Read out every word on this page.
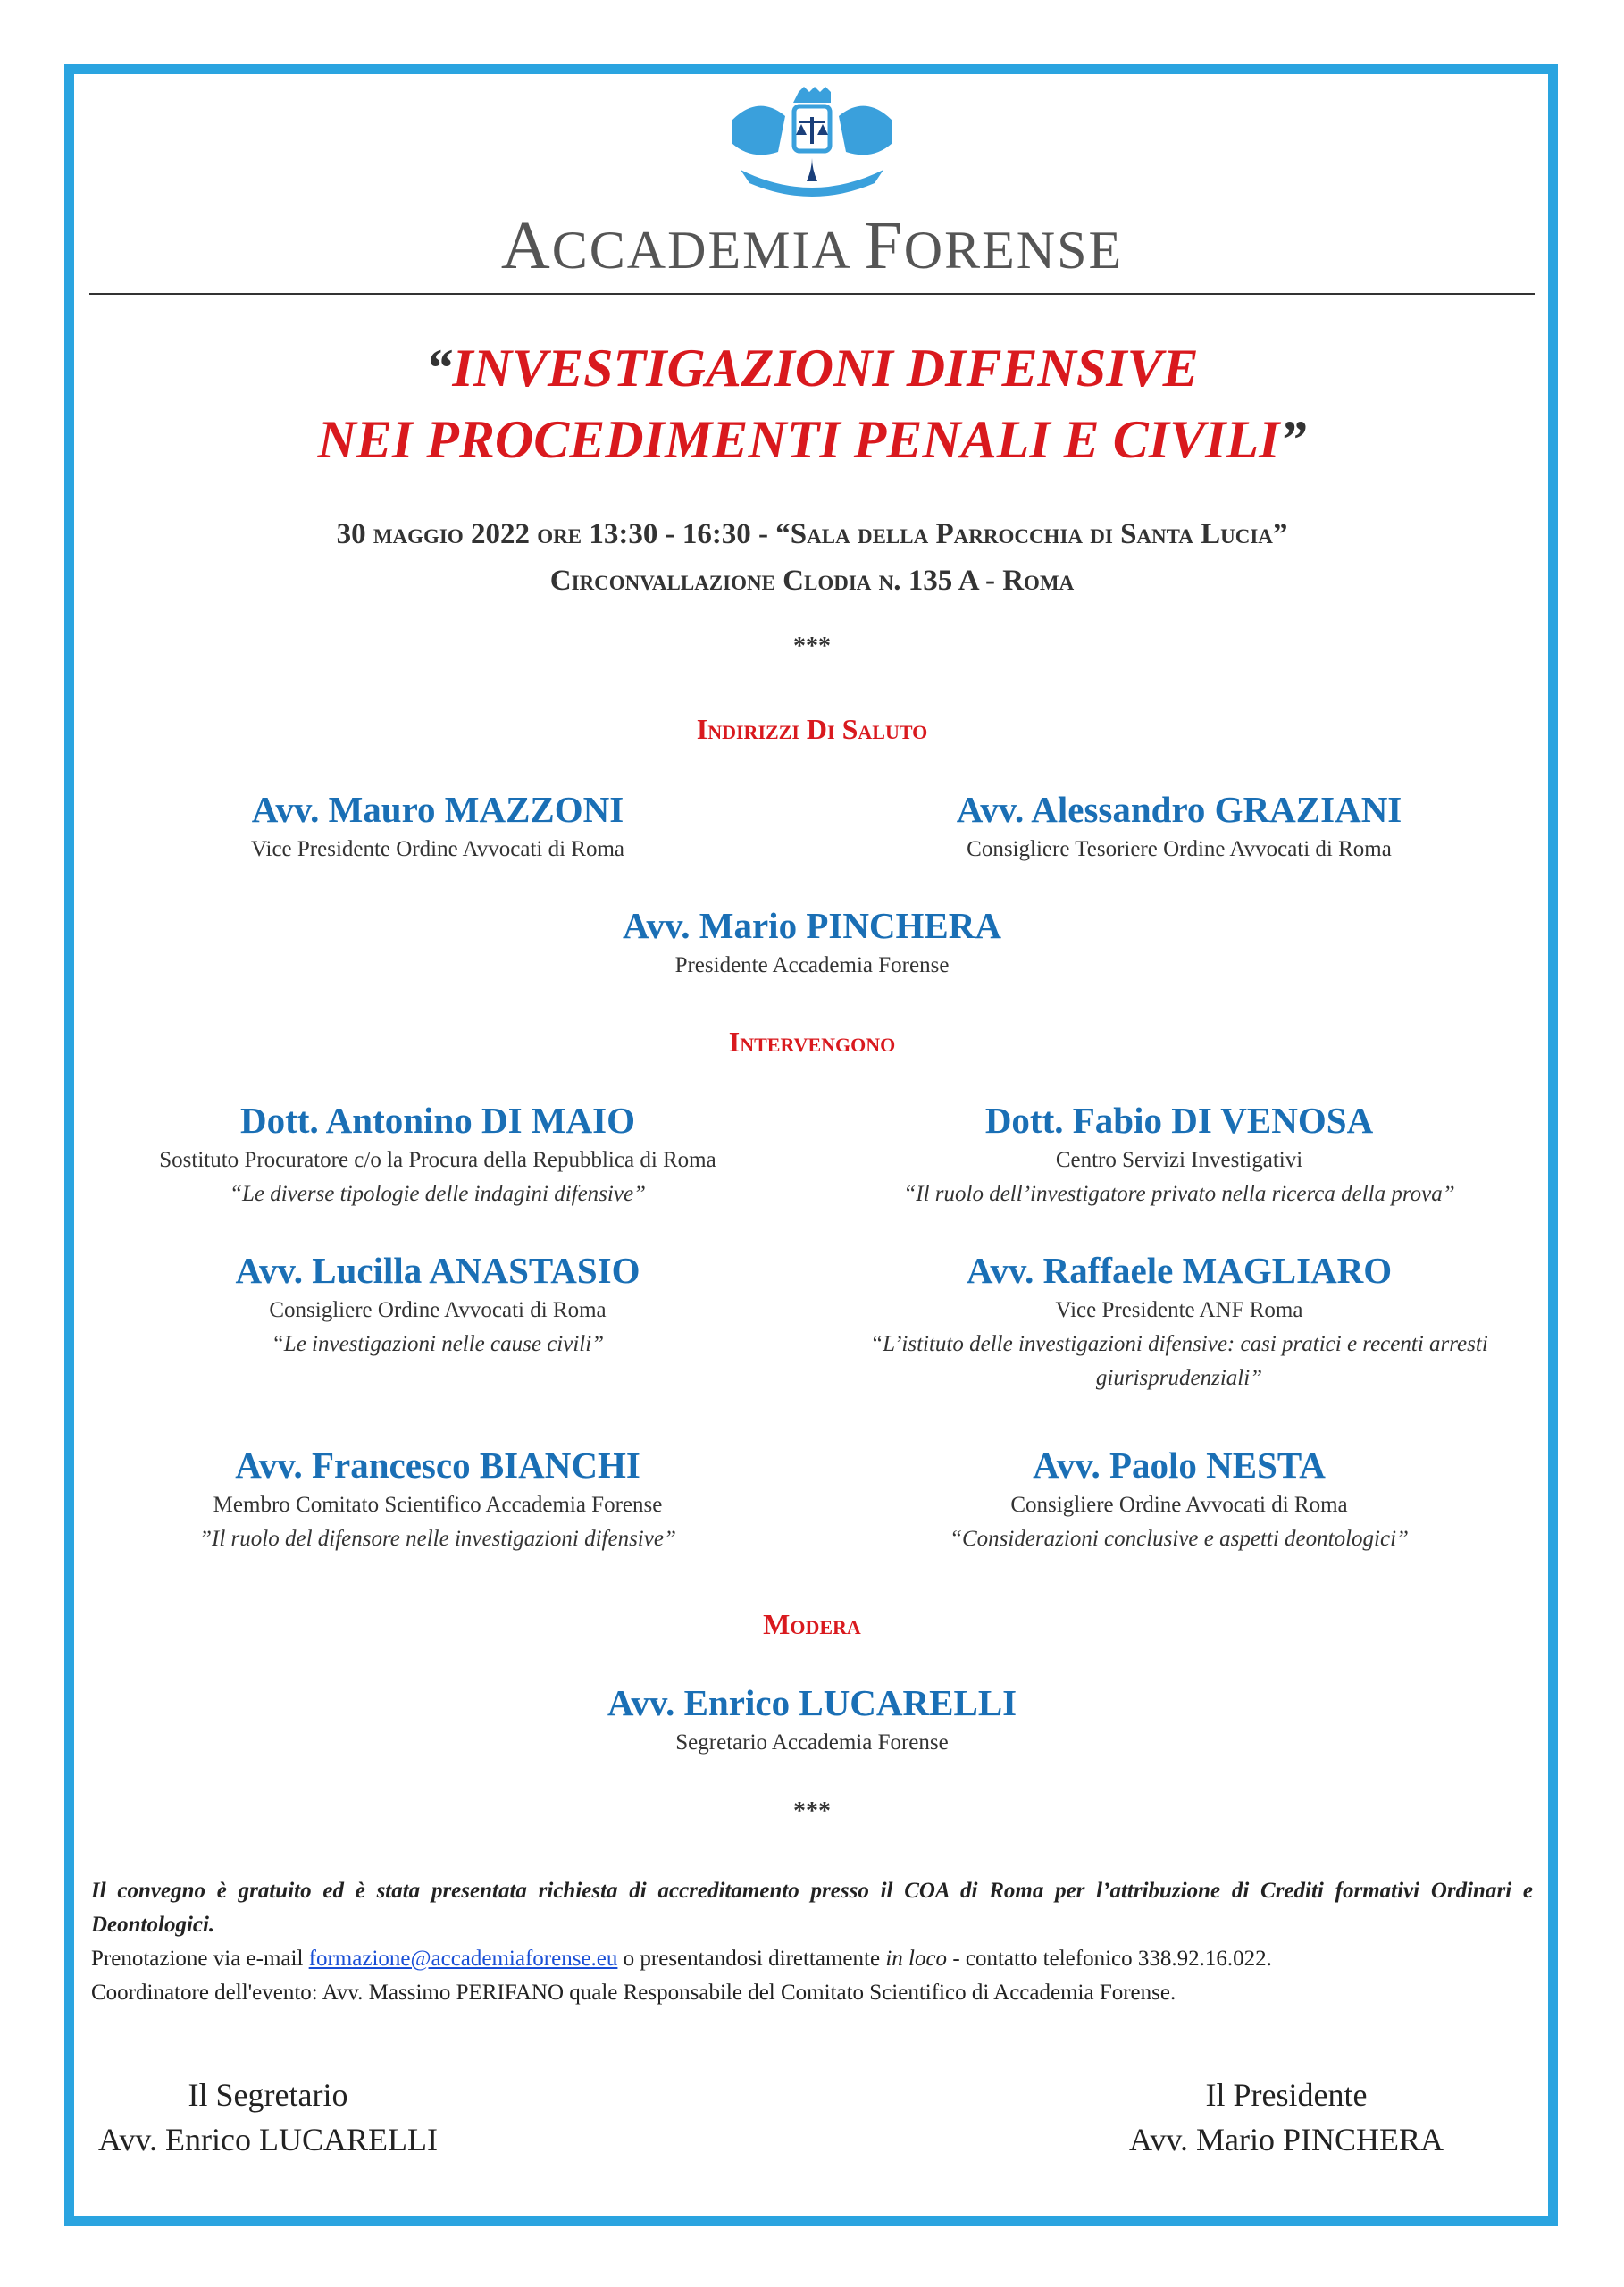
ACCADEMIA FORENSE
“ INVESTIGAZIONI DIFENSIVE
NEI PROCEDIMENTI PENALI E CIVILI ”
30 maggio 2022 ore 13:30 - 16:30 - “Sala della Parrocchia di Santa Lucia”
Circonvallazione Clodia n. 135 A - Roma
***
Indirizzi Di Saluto
Avv. Mauro MAZZONI
Vice Presidente Ordine Avvocati di Roma
Avv. Alessandro GRAZIANI
Consigliere Tesoriere Ordine Avvocati di Roma
Avv. Mario PINCHERA
Presidente Accademia Forense
Intervengono
Dott. Antonino DI MAIO
Sostituto Procuratore c/o la Procura della Repubblica di Roma
“Le diverse tipologie delle indagini difensive”
Dott. Fabio DI VENOSA
Centro Servizi Investigativi
“Il ruolo dell’investigatore privato nella ricerca della prova”
Avv. Lucilla ANASTASIO
Consigliere Ordine Avvocati di Roma
“Le investigazioni nelle cause civili”
Avv. Raffaele MAGLIARO
Vice Presidente ANF Roma
“L’istituto delle investigazioni difensive: casi pratici e recenti arresti giurisprudenziali”
Avv. Francesco BIANCHI
Membro Comitato Scientifico Accademia Forense
”Il ruolo del difensore nelle investigazioni difensive”
Avv. Paolo NESTA
Consigliere Ordine Avvocati di Roma
“Considerazioni conclusive e aspetti deontologici”
Modera
Avv. Enrico LUCARELLI
Segretario Accademia Forense
***
Il convegno è gratuito ed è stata presentata richiesta di accreditamento presso il COA di Roma per l’attribuzione di Crediti formativi Ordinari e Deontologici.
Prenotazione via e-mail formazione@accademiaforense.eu o presentandosi direttamente in loco - contatto telefonico 338.92.16.022.
Coordinatore dell'evento: Avv. Massimo PERIFANO quale Responsabile del Comitato Scientifico di Accademia Forense.
Il Segretario
Avv. Enrico LUCARELLI
Il Presidente
Avv. Mario PINCHERA
